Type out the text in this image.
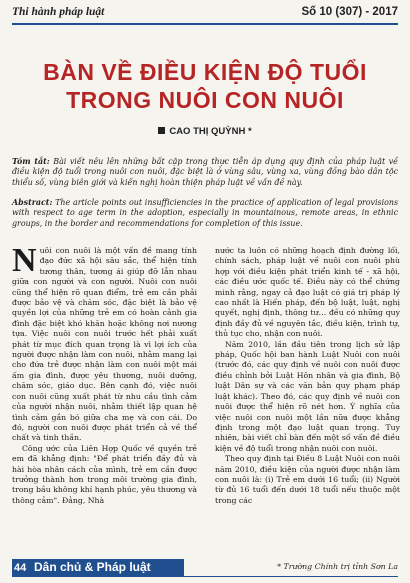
Thi hành pháp luật	Số 10 (307) - 2017
BÀN VỀ ĐIỀU KIỆN ĐỘ TUỔI
TRONG NUÔI CON NUÔI
CAO THỊ QUỲNH *
Tóm tắt: Bài viết nêu lên những bất cập trong thực tiễn áp dụng quy định của pháp luật về điều kiện độ tuổi trong nuôi con nuôi, đặc biệt là ở vùng sâu, vùng xa, vùng đồng bào dân tộc thiểu số, vùng biên giới và kiến nghị hoàn thiện pháp luật về vấn đề này.
Abstract: The article points out insufficiencies in the practice of application of legal provisions with respect to age term in the adoption, especially in mountainous, remote areas, in ethnic groups, in the border and recommendations for completion of this issue.

Nuôi con nuôi là một vấn đề mang tính đạo đức xã hội sâu sắc, thể hiện tính tương thân, tương ái giúp đỡ lẫn nhau giữa con người và con người. Nuôi con nuôi cũng thể hiện rõ quan điểm, trẻ em cần phải được bảo vệ và chăm sóc, đặc biệt là bảo vệ quyền lợi của những trẻ em có hoàn cảnh gia đình đặc biệt khó khăn hoặc không nơi nương tựa. Việc nuôi con nuôi trước hết phải xuất phát từ mục đích quan trọng là vì lợi ích của người được nhận làm con nuôi, nhằm mang lại cho đứa trẻ được nhận làm con nuôi một mái ấm gia đình, được yêu thương, nuôi dưỡng, chăm sóc, giáo dục. Bên cạnh đó, việc nuôi con nuôi cũng xuất phát từ nhu cầu tình cảm của người nhận nuôi, nhằm thiết lập quan hệ tình cảm gắn bó giữa cha mẹ và con cái. Do đó, người con nuôi được phát triển cả về thể chất và tinh thần.

Công ước của Liên Hợp Quốc về quyền trẻ em đã khẳng định: "Để phát triển đầy đủ và hài hòa nhân cách của mình, trẻ em cần được trưởng thành hơn trong môi trường gia đình, trong bầu không khí hạnh phúc, yêu thương và thông cảm". Đảng, Nhà

nước ta luôn có những hoạch định đường lối, chính sách, pháp luật về nuôi con nuôi phù hợp với điều kiện phát triển kinh tế - xã hội, các điều ước quốc tế. Điều này có thể chứng minh rằng, ngay cả đạo luật có giá trị pháp lý cao nhất là Hiến pháp, đến bộ luật, luật, nghị quyết, nghị định, thông tư… đều có những quy định đầy đủ về nguyên tắc, điều kiện, trình tự, thủ tục cho, nhận con nuôi.

Năm 2010, lần đầu tiên trong lịch sử lập pháp, Quốc hội ban hành Luật Nuôi con nuôi (trước đó, các quy định về nuôi con nuôi được điều chỉnh bởi Luật Hôn nhân và gia đình, Bộ luật Dân sự và các văn bản quy phạm pháp luật khác). Theo đó, các quy định về nuôi con nuôi được thể hiện rõ nét hơn. Ý nghĩa của việc nuôi con nuôi một lần nữa được khẳng định trong một đạo luật quan trọng. Tuy nhiên, bài viết chỉ bàn đến một số vấn đề điều kiện về độ tuổi trong nhận nuôi con nuôi.

Theo quy định tại Điều 8 Luật Nuôi con nuôi năm 2010, điều kiện của người được nhận làm con nuôi là: (i) Trẻ em dưới 16 tuổi; (ii) Người từ đủ 16 tuổi đến dưới 18 tuổi nếu thuộc một trong các

44 Dân chủ & Pháp luật	* Trường Chính trị tỉnh Sơn La
